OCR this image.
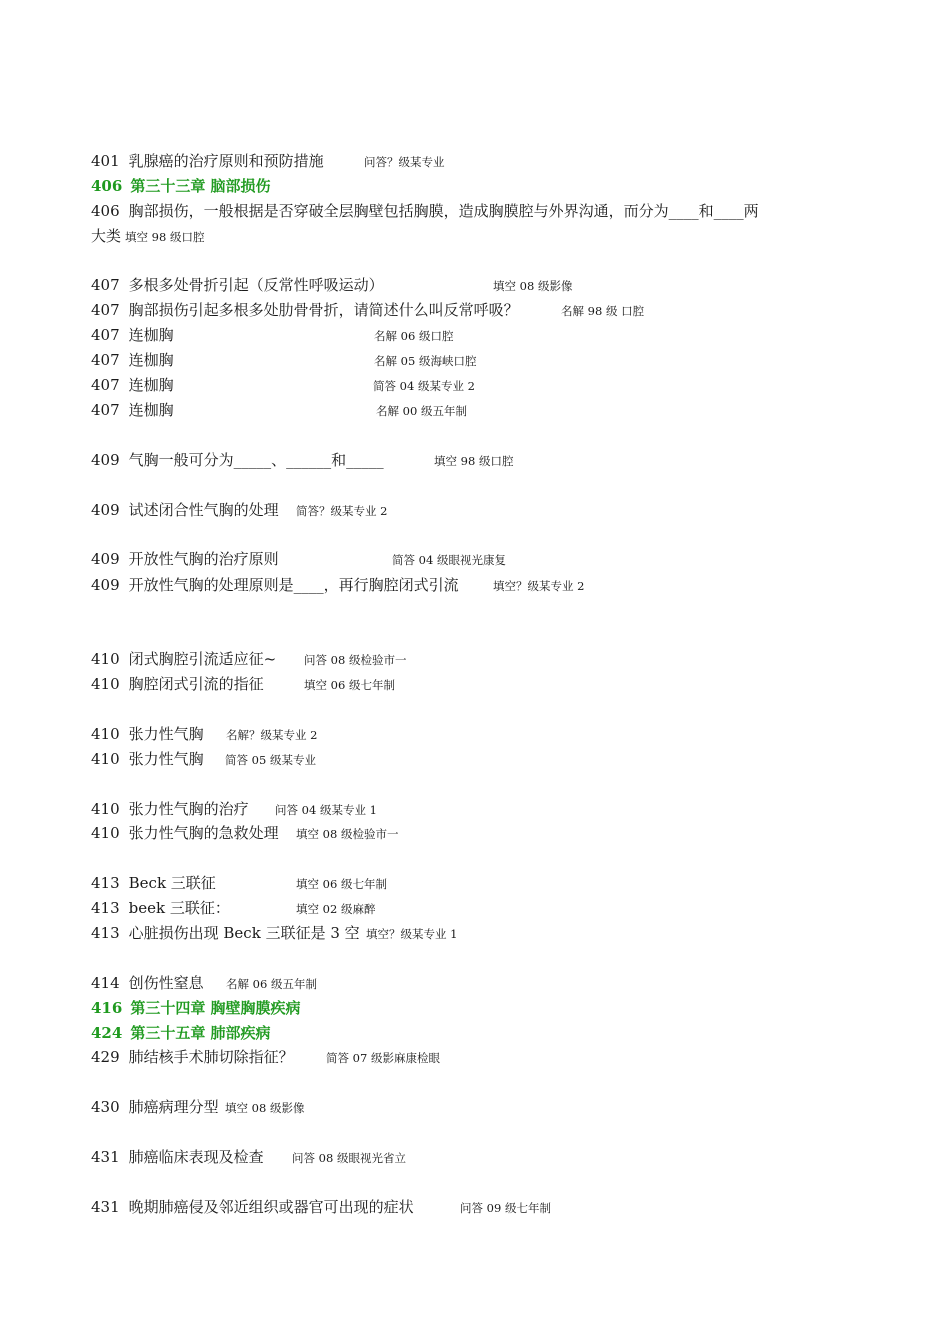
401 乳腺癌的治疗原则和预防措施	问答？级某专业
406 第三十三章 脑部损伤
406 胸部损伤，一般根据是否穿破全层胸壁包括胸膜，造成胸膜腔与外界沟通，而分为____和____两
大类 填空 98 级口腔
407 多根多处骨折引起（反常性呼吸运动）	填空 08 级影像
407 胸部损伤引起多根多处肋骨骨折，请简述什么叫反常呼吸？	名解 98 级 口腔
407 连枷胸	名解 06 级口腔
407 连枷胸	名解 05 级海峡口腔
407 连枷胸	简答 04 级某专业 2
407 连枷胸	名解 00 级五年制
409 气胸一般可分为_____、______和_____	填空 98 级口腔
409 试述闭合性气胸的处理 简答？级某专业 2
409 开放性气胸的治疗原则	简答 04 级眼视光康复
409 开放性气胸的处理原则是____，再行胸腔闭式引流	填空？级某专业 2
410 闭式胸腔引流适应征~ 问答 08 级检验市一
410 胸腔闭式引流的指征	填空 06 级七年制
410 张力性气胸 名解？级某专业 2
410 张力性气胸 简答 05 级某专业
410 张力性气胸的治疗 问答 04 级某专业 1
410 张力性气胸的急救处理 填空 08 级检验市一
413 Beck 三联征	填空 06 级七年制
413 beek 三联征：	填空 02 级麻醉
413 心脏损伤出现 Beck 三联征是 3 空 填空？级某专业 1
414 创伤性窒息 名解 06 级五年制
416 第三十四章 胸壁胸膜疾病
424 第三十五章 肺部疾病
429 肺结核手术肺切除指征？	简答 07 级影麻康检眼
430 肺癌病理分型 填空 08 级影像
431 肺癌临床表现及检查 问答 08 级眼视光省立
431 晚期肺癌侵及邻近组织或器官可出现的症状	问答 09 级七年制
